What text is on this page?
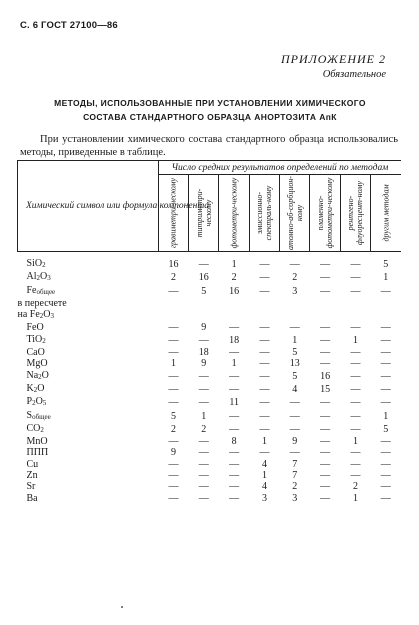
С. 6 ГОСТ 27100—86
ПРИЛОЖЕНИЕ 2
Обязательное
МЕТОДЫ, ИСПОЛЬЗОВАННЫЕ ПРИ УСТАНОВЛЕНИИ ХИМИЧЕСКОГО
СОСТАВА СТАНДАРТНОГО ОБРАЗЦА АНОРТОЗИТА АпК

При установлении химического состава стандартного образца использовались методы, приведенные в таблице.

Химический символ или формула компонента	Число средних результатов определений по методам							

	гравиметри-ческому	титриметри-ческому	фотометри-ческому	эмиссионно-спектраль-ному	атомно-аб-сорбцион-ному	пламенно-фотометри-ческому	рентгено-флуоресцент-ному	другим методам

SiO2	16	—	1	—	—	—	—	5
Al2O3	2	16	2	—	2	—	—	1
Feобщее	—	5	16	—	3	—	—	—
в пересчете								
на Fe2O3								
FeO	—	9	—	—	—	—	—	—
TiO2	—	—	18	—	1	—	1	—
CaO	—	18	—	—	5	—	—	—
MgO	1	9	1	—	13	—	—	—
Na2O	—	—	—	—	5	16	—	—
K2O	—	—	—	—	4	15	—	—
P2O5	—	—	11	—	—	—	—	—
Sобщее	5	1	—	—	—	—	—	1
CO2	2	2	—	—	—	—	—	5
MnO	—	—	8	1	9	—	1	—
ППП	9	—	—	—	—	—	—	—
Cu	—	—	—	4	7	—	—	—
Zn	—	—	—	1	7	—	—	—
Sr	—	—	—	4	2	—	2	—
Ba	—	—	—	3	3	—	1	—
